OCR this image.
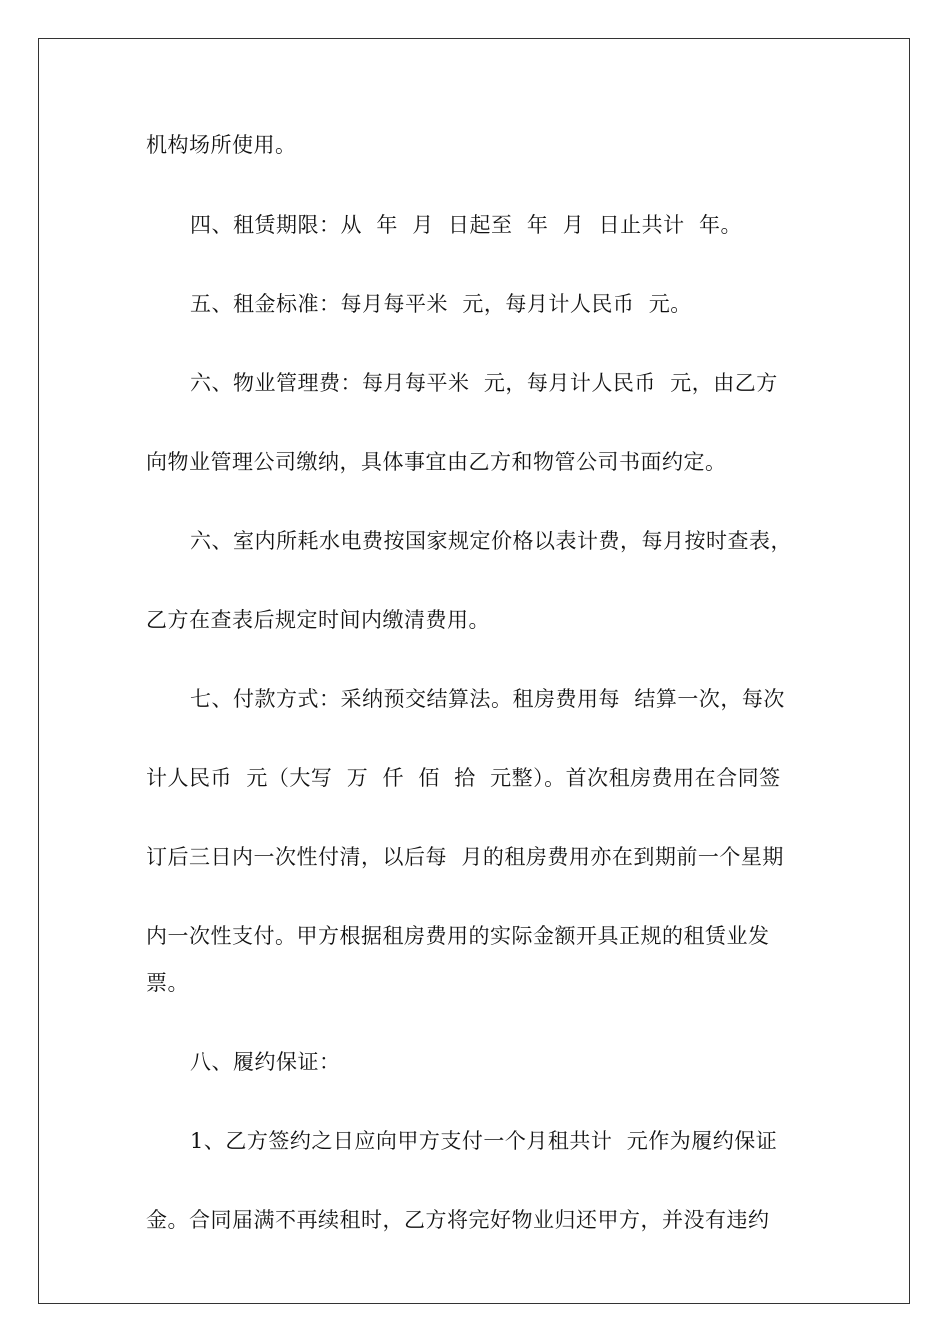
机构场所使用。
四、租赁期限：从  年  月  日起至  年  月  日止共计  年。
五、租金标准：每月每平米  元，每月计人民币  元。
六、物业管理费：每月每平米  元，每月计人民币  元，由乙方
向物业管理公司缴纳，具体事宜由乙方和物管公司书面约定。
六、室内所耗水电费按国家规定价格以表计费，每月按时查表，
乙方在查表后规定时间内缴清费用。
七、付款方式：采纳预交结算法。租房费用每  结算一次，每次
计人民币  元（大写  万  仟  佰  拾  元整）。首次租房费用在合同签
订后三日内一次性付清，以后每  月的租房费用亦在到期前一个星期
内一次性支付。甲方根据租房费用的实际金额开具正规的租赁业发
票。
八、履约保证：
1、乙方签约之日应向甲方支付一个月租共计  元作为履约保证
金。合同届满不再续租时，乙方将完好物业归还甲方，并没有违约
